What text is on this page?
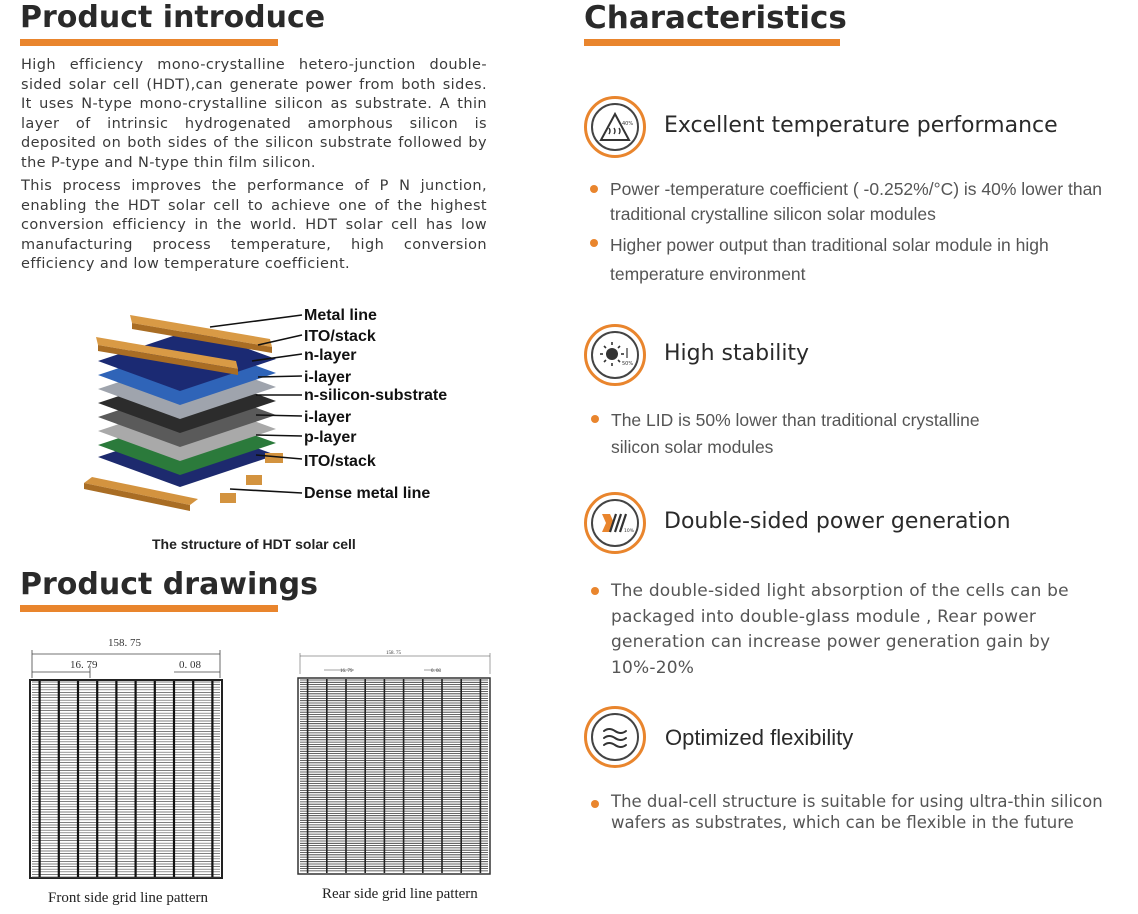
Product introduce

High efficiency mono-crystalline hetero-junction double-sided solar cell (HDT),can generate power from both sides. It uses N-type mono-crystalline silicon as substrate. A thin layer of intrinsic hydrogenated amorphous silicon is deposited on both sides of the silicon substrate followed by the P-type and N-type thin film silicon.

This process improves the performance of P N junction, enabling the HDT solar cell to achieve one of the highest conversion efficiency in the world. HDT solar cell has low manufacturing process temperature, high conversion efficiency and low temperature coefficient.

Metal line
ITO/stack
n-layer
i-layer
n-silicon-substrate
i-layer
p-layer
ITO/stack
Dense metal line
The structure of HDT solar cell
Product drawings
158. 75
16. 79	0. 08
Front side grid line pattern
158. 75
16. 79	0. 08
Rear side grid line pattern
Characteristics
40% Excellent temperature performance
Power -temperature coefficient ( -0.252%/°C) is 40% lower than traditional crystalline silicon solar modules
Higher power output than traditional solar module in high temperature environment
50% High stability
The LID is 50% lower than traditional crystalline silicon solar modules
10% Double-sided power generation
The double-sided light absorption of the cells can be packaged into double-glass module , Rear power generation can increase power generation gain by 10%-20%
Optimized flexibility
The dual-cell structure is suitable for using ultra-thin silicon wafers as substrates, which can be flexible in the future
